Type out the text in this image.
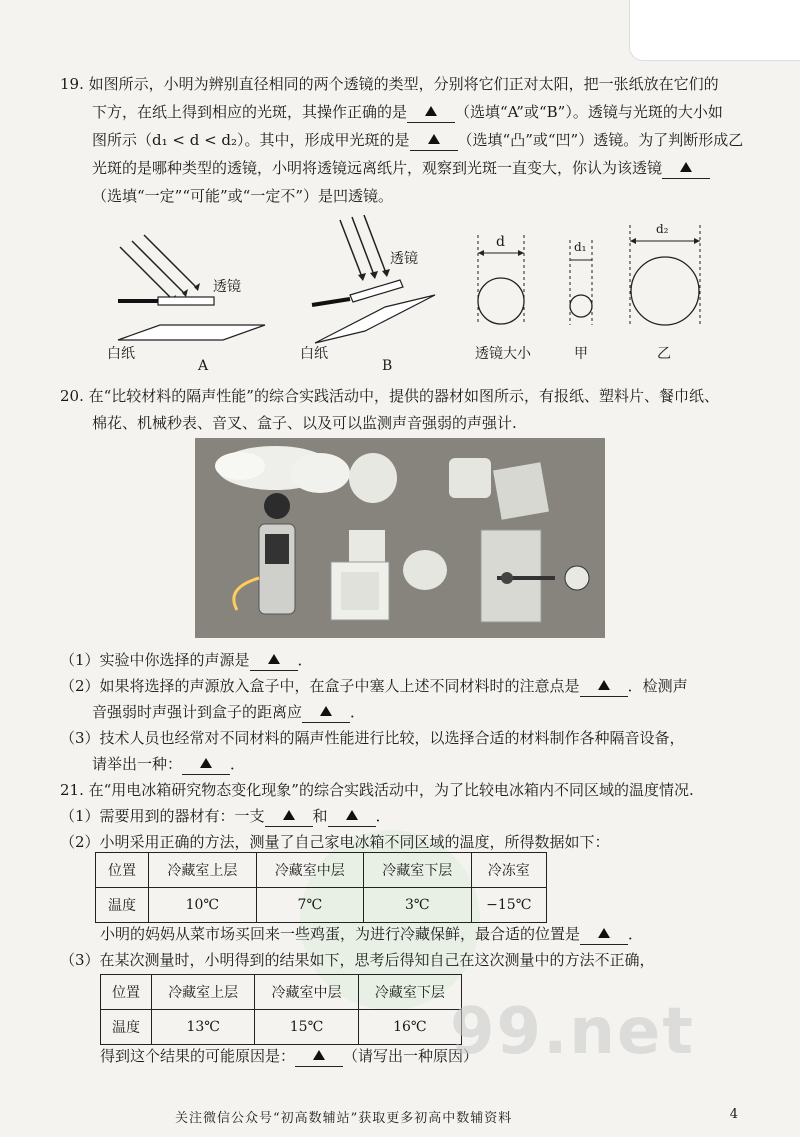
19. 如图所示，小明为辨别直径相同的两个透镜的类型，分别将它们正对太阳，把一张纸放在它们的
下方，在纸上得到相应的光斑，其操作正确的是	（选填“A”或“B”）。透镜与光斑的大小如
图所示（d₁ < d < d₂）。其中，形成甲光斑的是	（选填“凸”或“凹”）透镜。为了判断形成乙
光斑的是哪种类型的透镜，小明将透镜远离纸片，观察到光斑一直变大，你认为该透镜
（选填“一定”“可能”或“一定不”）是凹透镜。
透镜
白纸
A
透镜
白纸
B
d	d₁
d₂
透镜大小	甲	乙
20. 在“比较材料的隔声性能”的综合实践活动中，提供的器材如图所示，有报纸、塑料片、餐巾纸、
棉花、机械秒表、音叉、盒子、以及可以监测声音强弱的声强计.
（1）实验中你选择的声源是	．
（2）如果将选择的声源放入盒子中，在盒子中塞人上述不同材料时的注意点是	．检测声
音强弱时声强计到盒子的距离应	．
（3）技术人员也经常对不同材料的隔声性能进行比较，以选择合适的材料制作各种隔音设备，
请举出一种：	．
21. 在“用电冰箱研究物态变化现象”的综合实践活动中，为了比较电冰箱内不同区域的温度情况.
（1）需要用到的器材有：一支	和	．
（2）小明采用正确的方法，测量了自己家电冰箱不同区域的温度，所得数据如下：
位置	冷藏室上层	冷藏室中层	冷藏室下层	冷冻室
温度	10℃	7℃	3℃	−15℃
小明的妈妈从菜市场买回来一些鸡蛋，为进行冷藏保鲜，最合适的位置是	．
（3）在某次测量时，小明得到的结果如下，思考后得知自己在这次测量中的方法不正确，
位置	冷藏室上层	冷藏室中层	冷藏室下层
温度	13℃	15℃	16℃
得到这个结果的可能原因是：	（请写出一种原因）
99.net
关注微信公众号“初高数辅站”获取更多初高中数辅资料	4
